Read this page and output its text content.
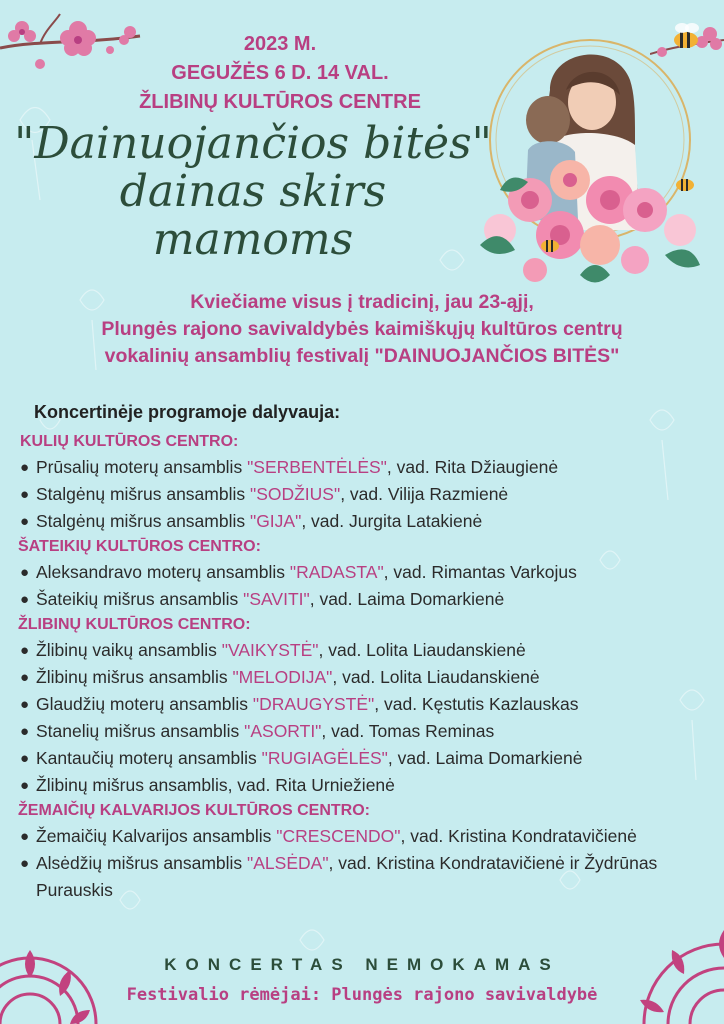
2023 M.
GEGUŽĖS 6 D. 14 VAL.
ŽLIBINŲ KULTŪROS CENTRE
"Dainuojančios bitės"
dainas skirs
mamoms
Kviečiame visus į tradicinį, jau 23-ąjį,
Plungės rajono savivaldybės kaimiškųjų kultūros centrų
vokalinių ansamblių festivalį "DAINUOJANČIOS BITĖS"
Koncertinėje programoje dalyvauja:
KULIŲ KULTŪROS CENTRO:
● Prūsalių moterų ansamblis "SERBENTĖLĖS", vad. Rita Džiaugienė
● Stalgėnų mišrus ansamblis "SODŽIUS", vad. Vilija Razmienė
● Stalgėnų mišrus ansamblis "GIJA", vad. Jurgita Latakienė
ŠATEIKIŲ KULTŪROS CENTRO:
● Aleksandravo moterų ansamblis "RADASTA", vad. Rimantas Varkojus
● Šateikių mišrus ansamblis "SAVITI", vad. Laima Domarkienė
ŽLIBINŲ KULTŪROS CENTRO:
● Žlibinų vaikų ansamblis "VAIKYSTĖ", vad. Lolita Liaudanskienė
● Žlibinų mišrus ansamblis "MELODIJA", vad. Lolita Liaudanskienė
● Glaudžių moterų ansamblis "DRAUGYSTĖ", vad. Kęstutis Kazlauskas
● Stanelių mišrus ansamblis "ASORTI", vad. Tomas Reminas
● Kantaučių moterų ansamblis "RUGIAGĖLĖS", vad. Laima Domarkienė
● Žlibinų mišrus ansamblis, vad. Rita Urniežienė
ŽEMAIČIŲ KALVARIJOS KULTŪROS CENTRO:
● Žemaičių Kalvarijos ansamblis "CRESCENDO", vad. Kristina Kondratavičienė
● Alsėdžių mišrus ansamblis "ALSĖDA", vad. Kristina Kondratavičienė ir Žydrūnas Purauskis
KONCERTAS NEMOKAMAS
Festivalio rėmėjai: Plungės rajono savivaldybė
